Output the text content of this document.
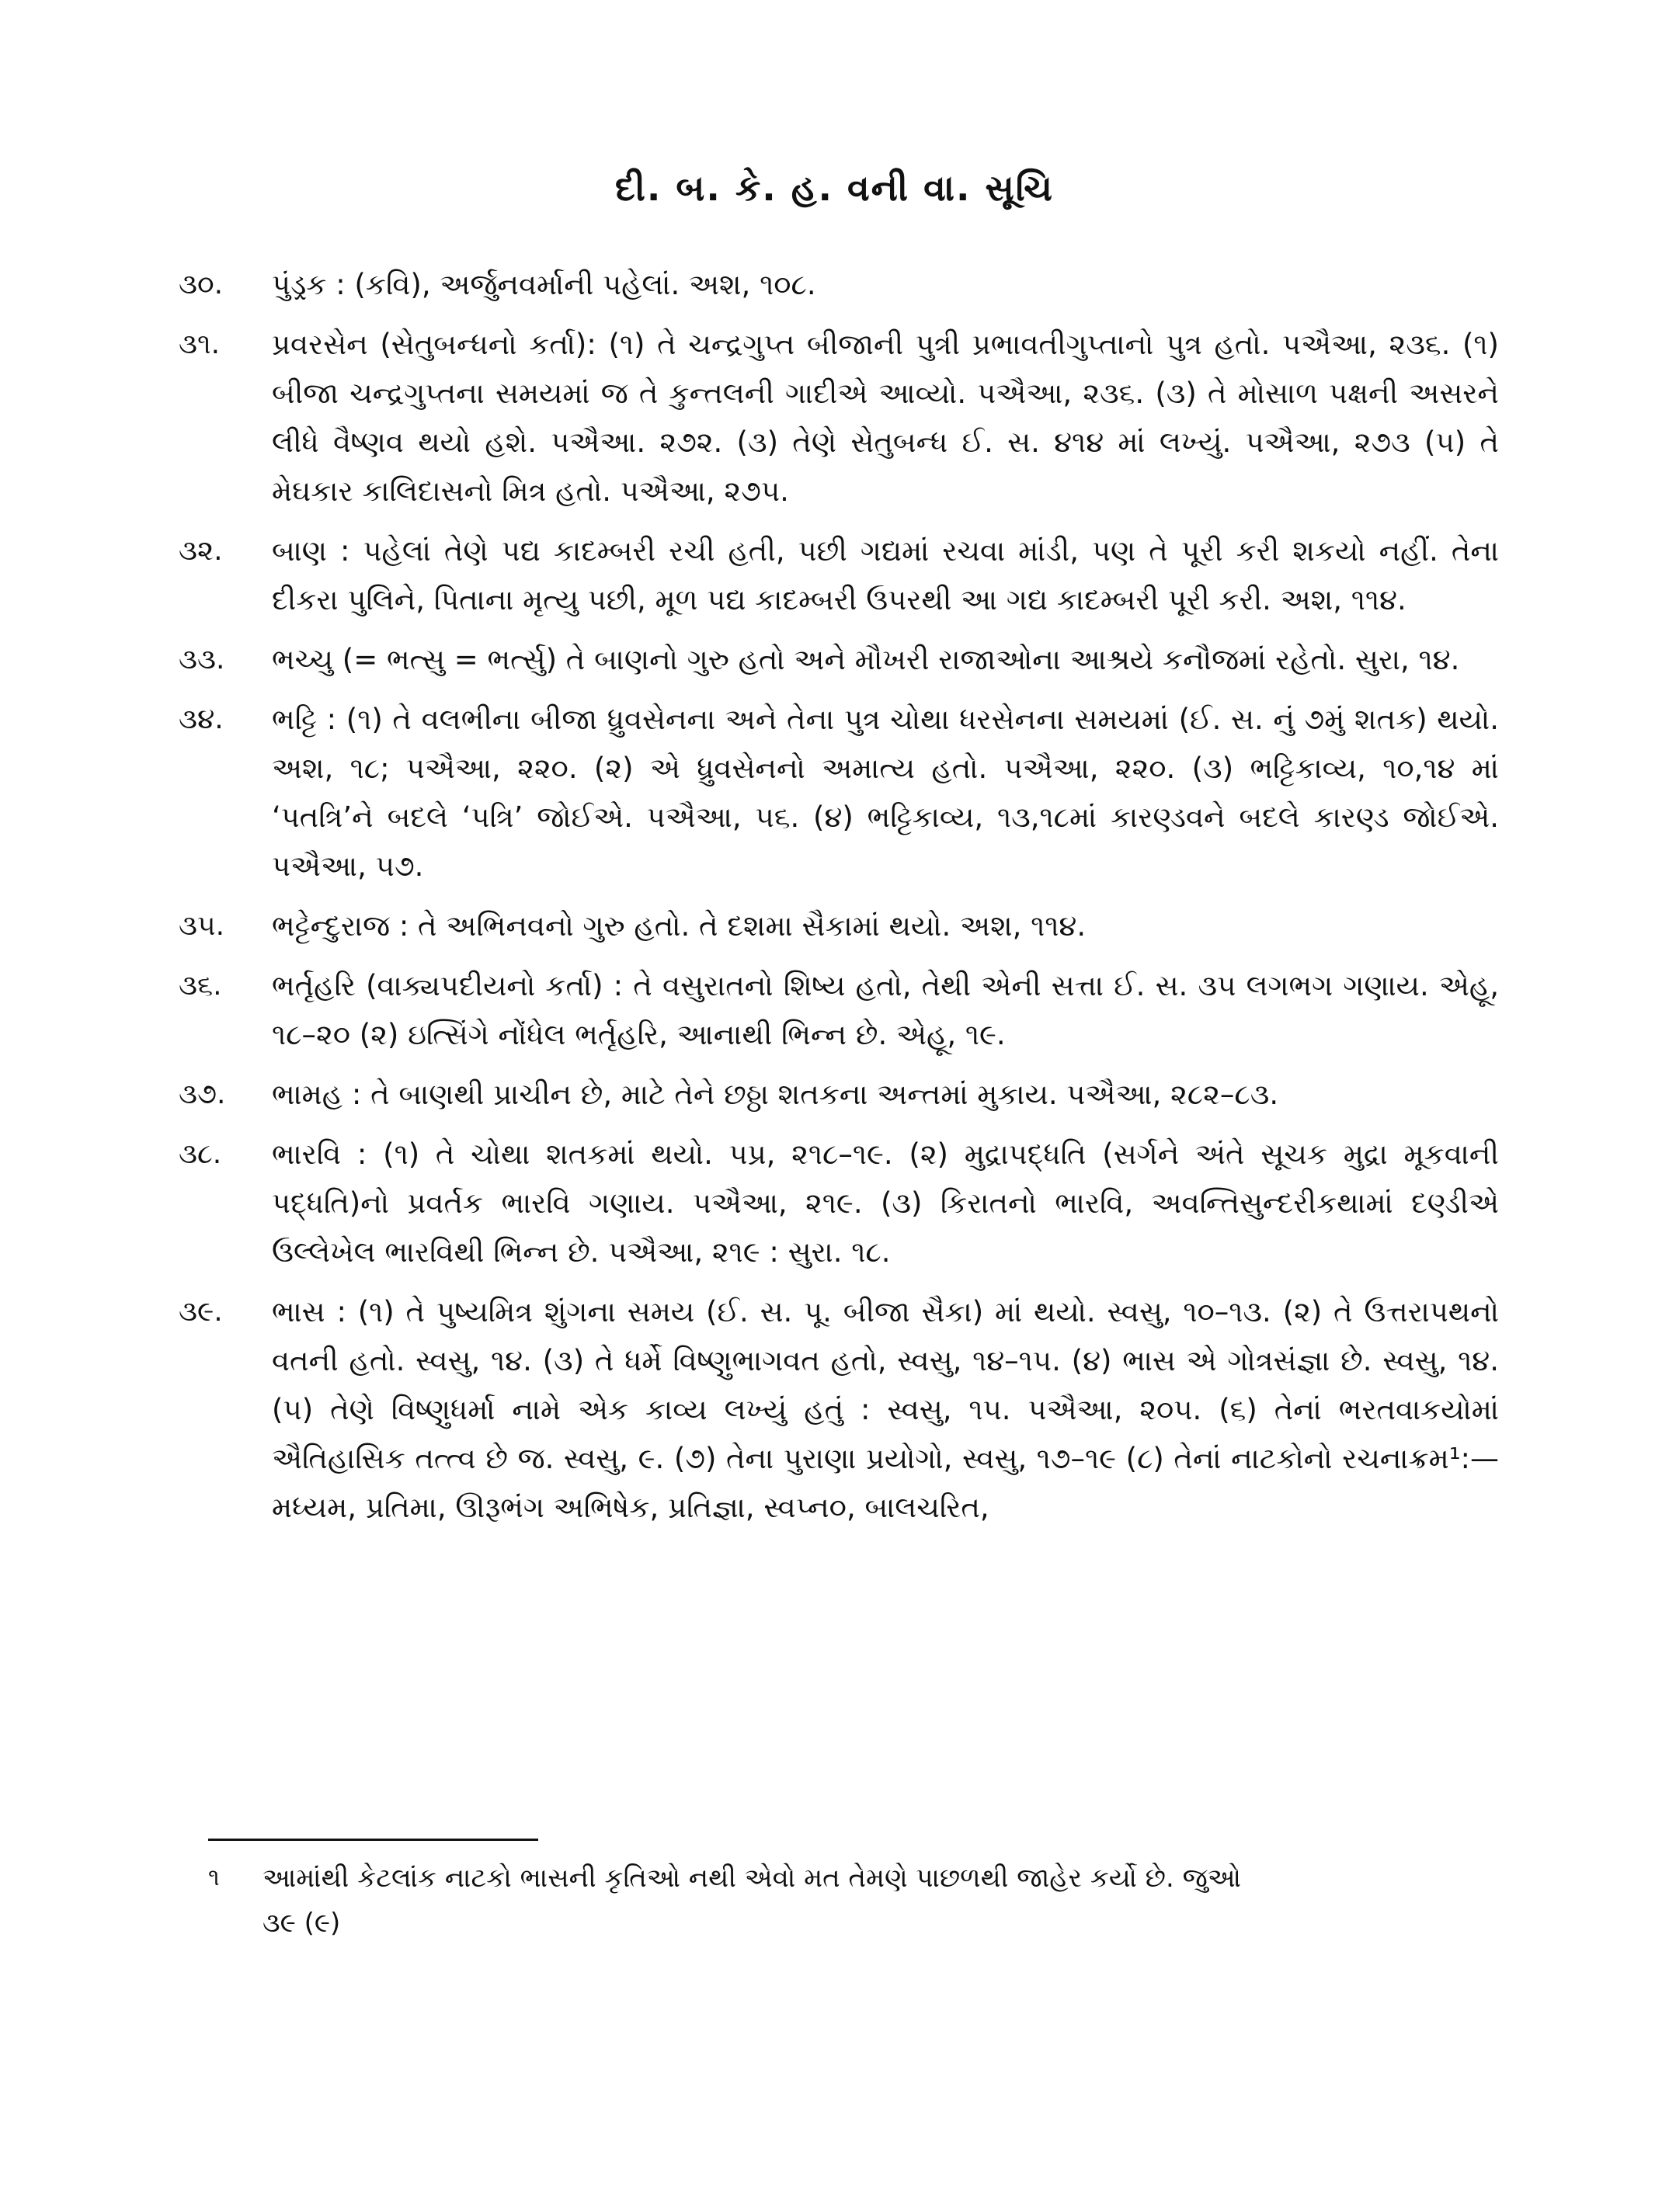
દી. બ. કે. હ. વની વા. સૂચિ
૩૦.	પુંડ્રક : (કવિ), અર્જુનવર્માની પહેલાં. અશ, ૧૦૮.
૩૧.	પ્રવરસેન (સેતુબન્ધનો કર્તા): (૧) તે ચન્દ્રગુપ્ત બીજાની પુત્રી પ્રભાવતીગુપ્તાનો પુત્ર હતો. પઐઆ, ૨૩૬. (૧) બીજા ચન્દ્રગુપ્તના સમયમાં જ તે કુન્તલની ગાદીએ આવ્યો. પઐઆ, ૨૩૬. (૩) તે મોસાળ પક્ષની અસરને લીધે વૈષ્ણવ થયો હશે. પઐઆ. ૨૭૨. (૩) તેણે સેતુબન્ધ ઈ. સ. ૪૧૪ માં લખ્યું. પઐઆ, ૨૭૩ (૫) તે મેઘકાર કાલિદાસનો મિત્ર હતો. પઐઆ, ૨૭૫.
૩૨.	બાણ : પહેલાં તેણે પદ્ય કાદમ્બરી રચી હતી, પછી ગદ્યમાં રચવા માંડી, પણ તે પૂરી કરી શકયો નહીં. તેના દીકરા પુલિને, પિતાના મૃત્યુ પછી, મૂળ પદ્ય કાદમ્બરી ઉપરથી આ ગદ્ય કાદમ્બરી પૂરી કરી. અશ, ૧૧૪.
૩૩.	ભચ્ચુ (= ભત્સુ = ભર્ત્સુ) તે બાણનો ગુરુ હતો અને મૌખરી રાજાઓના આશ્રયે કનૌજમાં રહેતો. સુરા, ૧૪.
૩૪.	ભટ્ટિ : (૧) તે વલભીના બીજા ધ્રુવસેનના અને તેના પુત્ર ચોથા ધરસેનના સમયમાં (ઈ. સ. નું ૭મું શતક) થયો. અશ, ૧૮; પઐઆ, ૨૨૦. (૨) એ ધ્રુવસેનનો અમાત્ય હતો. પઐઆ, ૨૨૦. (૩) ભટ્ટિકાવ્ય, ૧૦,૧૪ માં ‘પતત્રિ’ને બદલે ‘પત્રિ’ જોઈએ. પઐઆ, ૫૬. (૪) ભટ્ટિકાવ્ય, ૧૩,૧૮માં કારણ્ડવને બદલે કારણ્ડ જોઈએ. પઐઆ, ૫૭.
૩૫.	ભટ્ટેન્દુરાજ : તે અભિનવનો ગુરુ હતો. તે દશમા સૈકામાં થયો. અશ, ૧૧૪.
૩૬.	ભર્તૃહરિ (વાક્યપદીયનો કર્તા) : તે વસુરાતનો શિષ્ય હતો, તેથી એની સત્તા ઈ. સ. ૩૫ લગભગ ગણાય. એહૂ, ૧૮–૨૦ (૨) ઇત્સિંગે નોંધેલ ભર્તૃહરિ, આનાથી ભિન્ન છે. એહૂ, ૧૯.
૩૭.	ભામહ : તે બાણથી પ્રાચીન છે, માટે તેને છઠ્ઠા શતકના અન્તમાં મુકાય. પઐઆ, ૨૮૨–૮૩.
૩૮.	ભારવિ : (૧) તે ચોથા શતકમાં થયો. પપ્ર, ૨૧૮–૧૯. (૨) મુદ્રાપદ્ધતિ (સર્ગને અંતે સૂચક મુદ્રા મૂકવાની પદ્ધતિ)નો પ્રવર્તક ભારવિ ગણાય. પઐઆ, ૨૧૯. (૩) કિરાતનો ભારવિ, અવન્તિસુન્દરીકથામાં દણ્ડીએ ઉલ્લેખેલ ભારવિથી ભિન્ન છે. પઐઆ, ૨૧૯ : સુરા. ૧૮.
૩૯.	ભાસ : (૧) તે પુષ્યમિત્ર શુંગના સમય (ઈ. સ. પૂ. બીજા સૈકા) માં થયો. સ્વસુ, ૧૦–૧૩. (૨) તે ઉત્તરાપથનો વતની હતો. સ્વસુ, ૧૪. (૩) તે ધર્મે વિષ્ણુભાગવત હતો, સ્વસુ, ૧૪–૧૫. (૪) ભાસ એ ગોત્રસંજ્ઞા છે. સ્વસુ, ૧૪. (૫) તેણે વિષ્ણુધર્મા નામે એક કાવ્ય લખ્યું હતું : સ્વસુ, ૧૫. પઐઆ, ૨૦૫. (૬) તેનાં ભરતવાકયોમાં ઐતિહાસિક તત્ત્વ છે જ. સ્વસુ, ૯. (૭) તેના પુરાણા પ્રયોગો, સ્વસુ, ૧૭–૧૯ (૮) તેનાં નાટકોનો રચનાક્રમ¹:—મધ્યમ, પ્રતિમા, ઊરૂભંગ અભિષેક, પ્રતિજ્ઞા, સ્વપ્ન૦, બાલચરિત,
૧ આમાંથી કેટલાંક નાટકો ભાસની કૃતિઓ નથી એવો મત તેમણે પાછળથી જાહેર કર્યો છે. જુઓ
૩૯ (૯)
